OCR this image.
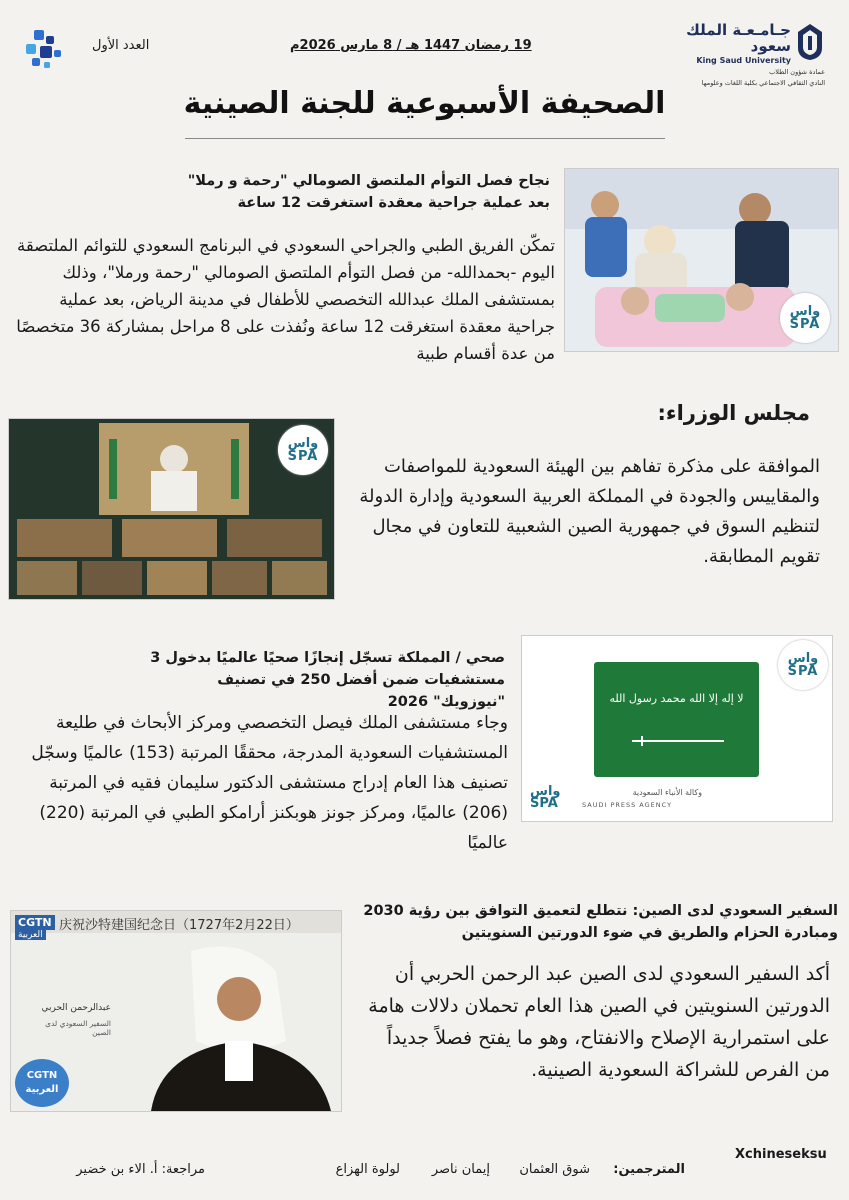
العدد الأول	19 رمضان 1447 هـ / 8 مارس 2026م
جـامـعـة الملك سعود
King Saud University
عمادة شؤون الطلاب
النادي الثقافي الاجتماعي بكلية اللغات وعلومها
الصحيفة الأسبوعية للجنة الصينية
واس
SPA
نجاح فصل التوأم الملتصق الصومالي "رحمة و رملا" بعد عملية جراحية معقدة استغرقت 12 ساعة
تمكّن الفريق الطبي والجراحي السعودي في البرنامج السعودي للتوائم الملتصقة اليوم -بحمدالله- من فصل التوأم الملتصق الصومالي "رحمة ورملا"، وذلك بمستشفى الملك عبدالله التخصصي للأطفال في مدينة الرياض، بعد عملية جراحية معقدة استغرقت 12 ساعة ونُفذت على 8 مراحل بمشاركة 36 متخصصًا من عدة أقسام طبية
مجلس الوزراء:
واس
SPA	الموافقة على مذكرة تفاهم بين الهيئة السعودية للمواصفات والمقاييس والجودة في المملكة العربية السعودية وإدارة الدولة لتنظيم السوق في جمهورية الصين الشعبية للتعاون في مجال تقويم المطابقة.
لا إله إلا الله محمد رسول الله
واس
SPA
واس
SPA
وكالة الأنباء السعودية
SAUDI PRESS AGENCY
صحي / المملكة تسجّل إنجازًا صحيًا عالميًا بدخول 3 مستشفيات ضمن أفضل 250 في تصنيف "نيوزويك" 2026
وجاء مستشفى الملك فيصل التخصصي ومركز الأبحاث في طليعة المستشفيات السعودية المدرجة، محققًا المرتبة (153) عالميًا وسجّل تصنيف هذا العام إدراج مستشفى الدكتور سليمان فقيه في المرتبة (206) عالميًا، ومركز جونز هوبكنز أرامكو الطبي في المرتبة (220) عالميًا
CGTN
العربية
庆祝沙特建国纪念日（1727年2月22日）
عبدالرحمن الحربي
السفير السعودي لدى الصين
CGTN
العربية
السفير السعودي لدى الصين: نتطلع لتعميق التوافق بين رؤية 2030 ومبادرة الحزام والطريق في ضوء الدورتين السنويتين
أكد السفير السعودي لدى الصين عبد الرحمن الحربي أن الدورتين السنويتين في الصين هذا العام تحملان دلالات هامة على استمرارية الإصلاح والانفتاح، وهو ما يفتح فصلاً جديداً من الفرص للشراكة السعودية الصينية.
Xchineseksu
المترجمين:
شوق العثمان
إيمان ناصر
لولوة الهزاع
مراجعة: أ. الاء بن خضير
